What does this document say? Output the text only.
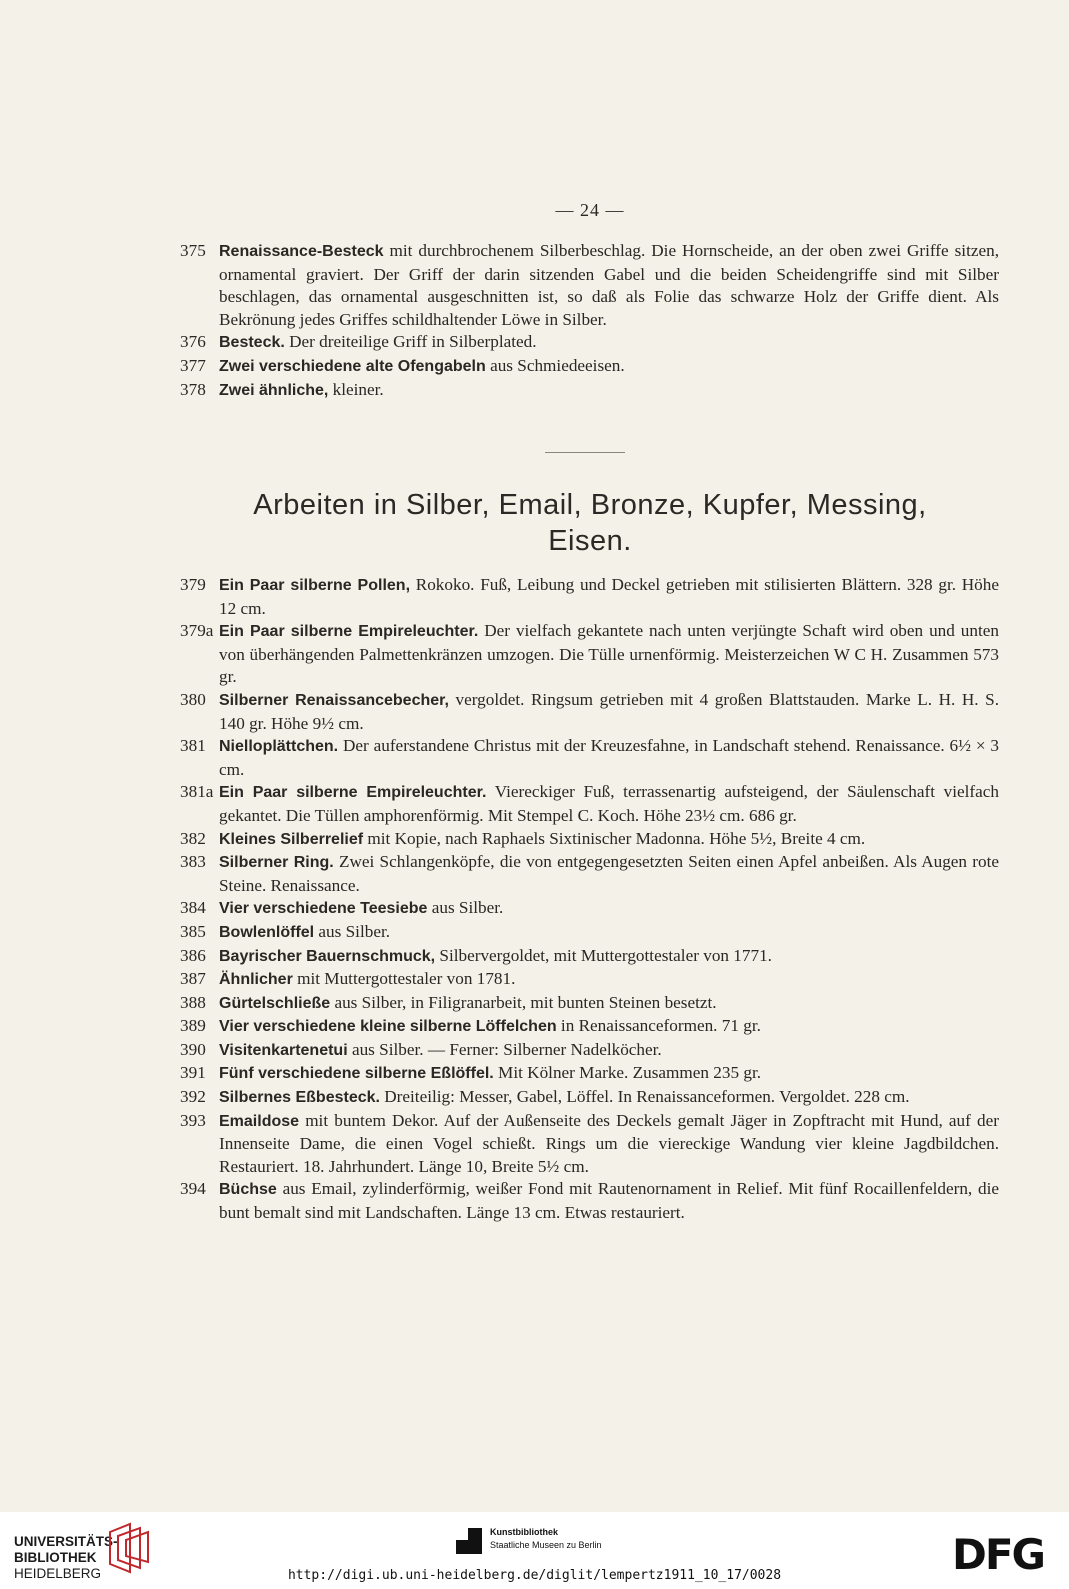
— 24 —
375 Renaissance-Besteck mit durchbrochenem Silberbeschlag. Die Hornscheide, an der oben zwei Griffe sitzen, ornamental graviert. Der Griff der darin sitzenden Gabel und die beiden Scheidengriffe sind mit Silber beschlagen, das ornamental ausgeschnitten ist, so daß als Folie das schwarze Holz der Griffe dient. Als Bekrönung jedes Griffes schildhaltender Löwe in Silber.
376 Besteck. Der dreiteilige Griff in Silberplated.
377 Zwei verschiedene alte Ofengabeln aus Schmiedeeisen.
378 Zwei ähnliche, kleiner.
Arbeiten in Silber, Email, Bronze, Kupfer, Messing,
Eisen.
379 Ein Paar silberne Pollen, Rokoko. Fuß, Leibung und Deckel getrieben mit stilisierten Blättern. 328 gr. Höhe 12 cm.
379a Ein Paar silberne Empireleuchter. Der vielfach gekantete nach unten verjüngte Schaft wird oben und unten von überhängenden Palmettenkränzen umzogen. Die Tülle urnenförmig. Meisterzeichen W C H. Zusammen 573 gr.
380 Silberner Renaissancebecher, vergoldet. Ringsum getrieben mit 4 großen Blattstauden. Marke L. H. H. S. 140 gr. Höhe 9½ cm.
381 Nielloplättchen. Der auferstandene Christus mit der Kreuzesfahne, in Landschaft stehend. Renaissance. 6½ × 3 cm.
381a Ein Paar silberne Empireleuchter. Viereckiger Fuß, terrassenartig aufsteigend, der Säulenschaft vielfach gekantet. Die Tüllen amphorenförmig. Mit Stempel C. Koch. Höhe 23½ cm. 686 gr.
382 Kleines Silberrelief mit Kopie, nach Raphaels Sixtinischer Madonna. Höhe 5½, Breite 4 cm.
383 Silberner Ring. Zwei Schlangenköpfe, die von entgegengesetzten Seiten einen Apfel anbeißen. Als Augen rote Steine. Renaissance.
384 Vier verschiedene Teesiebe aus Silber.
385 Bowlenlöffel aus Silber.
386 Bayrischer Bauernschmuck, Silbervergoldet, mit Muttergottestaler von 1771.
387 Ähnlicher mit Muttergottestaler von 1781.
388 Gürtelschließe aus Silber, in Filigranarbeit, mit bunten Steinen besetzt.
389 Vier verschiedene kleine silberne Löffelchen in Renaissanceformen. 71 gr.
390 Visitenkartenetui aus Silber. — Ferner: Silberner Nadelköcher.
391 Fünf verschiedene silberne Eßlöffel. Mit Kölner Marke. Zusammen 235 gr.
392 Silbernes Eßbesteck. Dreiteilig: Messer, Gabel, Löffel. In Renaissanceformen. Vergoldet. 228 cm.
393 Emaildose mit buntem Dekor. Auf der Außenseite des Deckels gemalt Jäger in Zopftracht mit Hund, auf der Innenseite Dame, die einen Vogel schießt. Rings um die viereckige Wandung vier kleine Jagdbildchen. Restauriert. 18. Jahrhundert. Länge 10, Breite 5½ cm.
394 Büchse aus Email, zylinderförmig, weißer Fond mit Rautenornament in Relief. Mit fünf Rocaillenfeldern, die bunt bemalt sind mit Landschaften. Länge 13 cm. Etwas restauriert.
UNIVERSITÄTS-
BIBLIOTHEK
HEIDELBERG
Kunstbibliothek
Staatliche Museen zu Berlin	DFG
http://digi.ub.uni-heidelberg.de/diglit/lempertz1911_10_17/0028
